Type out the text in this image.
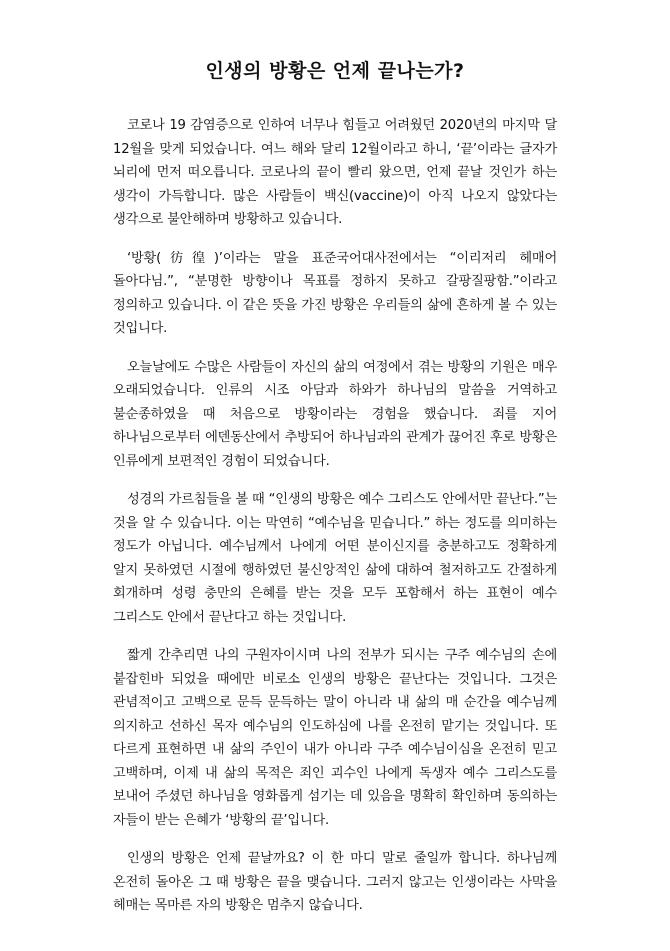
인생의 방황은 언제 끝나는가?

코로나 19 감염증으로 인하여 너무나 힘들고 어려웠던 2020년의 마지막 달 12월을 맞게 되었습니다. 여느 해와 달리 12월이라고 하니, ‘끝’이라는 글자가 뇌리에 먼저 떠오릅니다. 코로나의 끝이 빨리 왔으면, 언제 끝날 것인가 하는 생각이 가득합니다. 많은 사람들이 백신(vaccine)이 아직 나오지 않았다는 생각으로 불안해하며 방황하고 있습니다.

‘방황(彷徨)’이라는 말을 표준국어대사전에서는 “이리저리 헤매어 돌아다님.”, “분명한 방향이나 목표를 정하지 못하고 갈팡질팡함.”이라고 정의하고 있습니다. 이 같은 뜻을 가진 방황은 우리들의 삶에 흔하게 볼 수 있는 것입니다.

오늘날에도 수많은 사람들이 자신의 삶의 여정에서 겪는 방황의 기원은 매우 오래되었습니다. 인류의 시조 아담과 하와가 하나님의 말씀을 거역하고 불순종하였을 때 처음으로 방황이라는 경험을 했습니다. 죄를 지어 하나님으로부터 에덴동산에서 추방되어 하나님과의 관계가 끊어진 후로 방황은 인류에게 보편적인 경험이 되었습니다.

성경의 가르침들을 볼 때 “인생의 방황은 예수 그리스도 안에서만 끝난다.”는 것을 알 수 있습니다. 이는 막연히 “예수님을 믿습니다.” 하는 정도를 의미하는 정도가 아닙니다. 예수님께서 나에게 어떤 분이신지를 충분하고도 정확하게 알지 못하였던 시절에 행하였던 불신앙적인 삶에 대하여 철저하고도 간절하게 회개하며 성령 충만의 은혜를 받는 것을 모두 포함해서 하는 표현이 예수 그리스도 안에서 끝난다고 하는 것입니다.

짧게 간추리면 나의 구원자이시며 나의 전부가 되시는 구주 예수님의 손에 붙잡힌바 되었을 때에만 비로소 인생의 방황은 끝난다는 것입니다. 그것은 관념적이고 고백으로 문득 문득하는 말이 아니라 내 삶의 매 순간을 예수님께 의지하고 선하신 목자 예수님의 인도하심에 나를 온전히 맡기는 것입니다. 또 다르게 표현하면 내 삶의 주인이 내가 아니라 구주 예수님이심을 온전히 믿고 고백하며, 이제 내 삶의 목적은 죄인 괴수인 나에게 독생자 예수 그리스도를 보내어 주셨던 하나님을 영화롭게 섬기는 데 있음을 명확히 확인하며 동의하는 자들이 받는 은혜가 ‘방황의 끝’입니다.

인생의 방황은 언제 끝날까요? 이 한 마디 말로 줄일까 합니다. 하나님께 온전히 돌아온 그 때 방황은 끝을 맺습니다. 그러지 않고는 인생이라는 사막을 헤매는 목마른 자의 방황은 멈추지 않습니다.
